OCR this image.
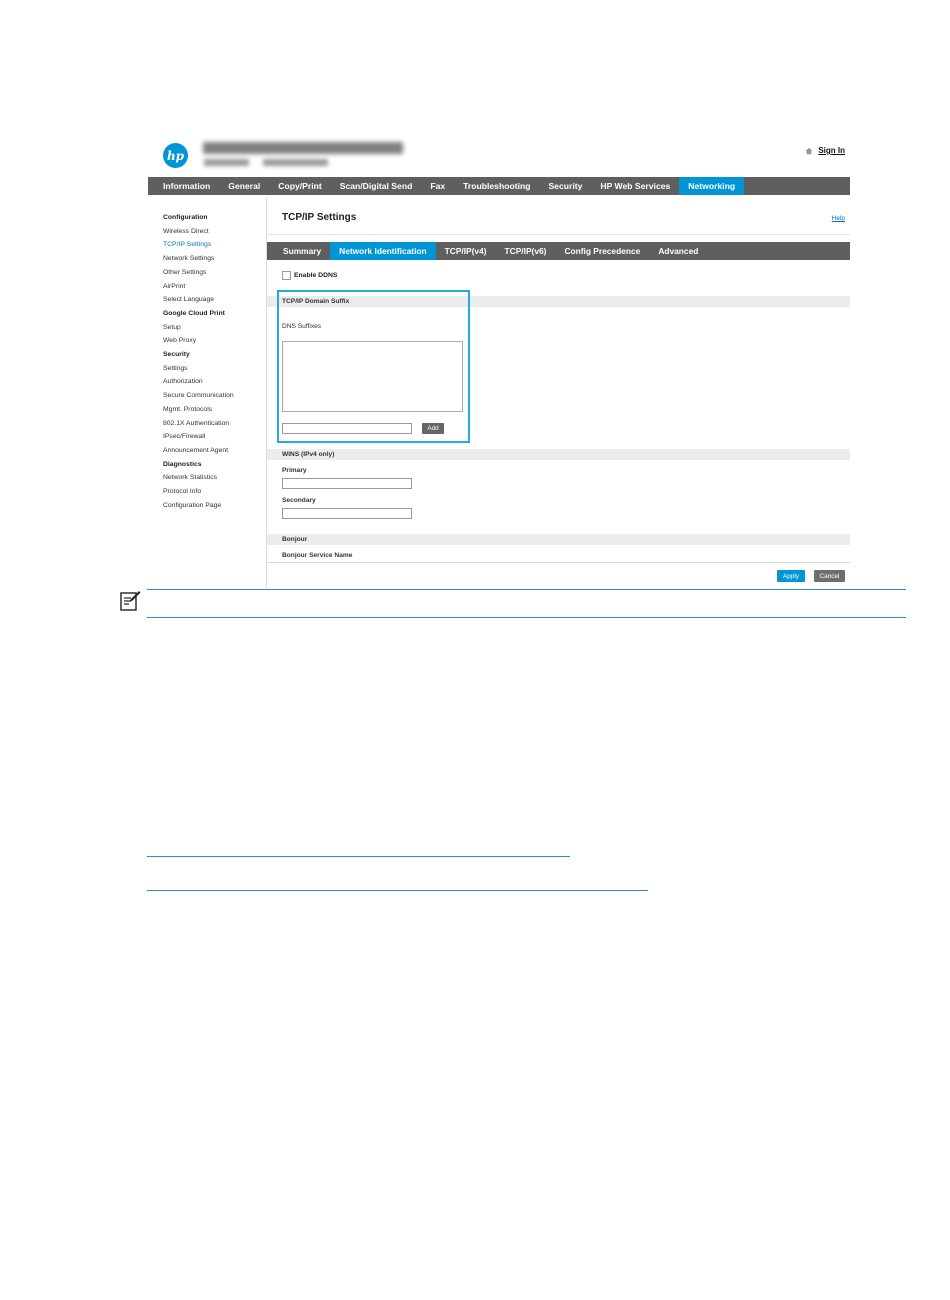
hp	Sign In
Information	General	Copy/Print	Scan/Digital Send	Fax	Troubleshooting	Security	HP Web Services	Networking
Configuration
Wireless Direct
TCP/IP Settings
Network Settings
Other Settings
AirPrint
Select Language
Google Cloud Print
Setup
Web Proxy
Security
Settings
Authorization
Secure Communication
Mgmt. Protocols
802.1X Authentication
IPsec/Firewall
Announcement Agent
Diagnostics
Network Statistics
Protocol Info
Configuration Page
TCP/IP Settings	Help
Summary	Network Identification	TCP/IP(v4)	TCP/IP(v6)	Config Precedence	Advanced
Enable DDNS
TCP/IP Domain Suffix
DNS Suffixes
Add
WINS (IPv4 only)
Primary
Secondary
Bonjour
Bonjour Service Name
Apply	Cancel
